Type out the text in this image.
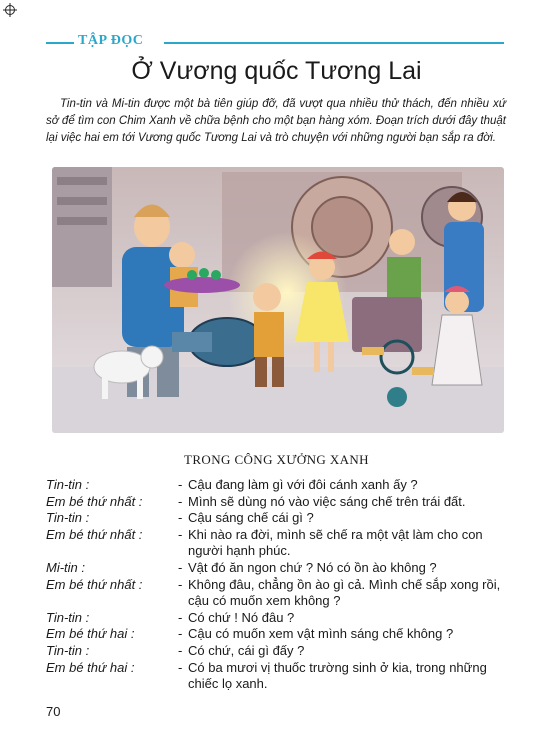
TẬP ĐỌC
Ở Vương quốc Tương Lai
Tin-tin và Mi-tin được một bà tiên giúp đỡ, đã vượt qua nhiều thử thách, đến nhiều xứ sở để tìm con Chim Xanh về chữa bệnh cho một bạn hàng xóm. Đoạn trích dưới đây thuật lại việc hai em tới Vương quốc Tương Lai và trò chuyện với những người bạn sắp ra đời.
TRONG CÔNG XƯỞNG XANH
Tin-tin :	- Cậu đang làm gì với đôi cánh xanh ấy ?
Em bé thứ nhất :	- Mình sẽ dùng nó vào việc sáng chế trên trái đất.
Tin-tin :	- Cậu sáng chế cái gì ?
Em bé thứ nhất :	- Khi nào ra đời, mình sẽ chế ra một vật làm cho con người hạnh phúc.
Mi-tin :	- Vật đó ăn ngon chứ ? Nó có ồn ào không ?
Em bé thứ nhất :	- Không đâu, chẳng ồn ào gì cả. Mình chế sắp xong rồi, cậu có muốn xem không ?
Tin-tin :	- Có chứ ! Nó đâu ?
Em bé thứ hai :	- Cậu có muốn xem vật mình sáng chế không ?
Tin-tin :	- Có chứ, cái gì đấy ?
Em bé thứ hai :	- Có ba mươi vị thuốc trường sinh ở kia, trong những chiếc lọ xanh.
70
